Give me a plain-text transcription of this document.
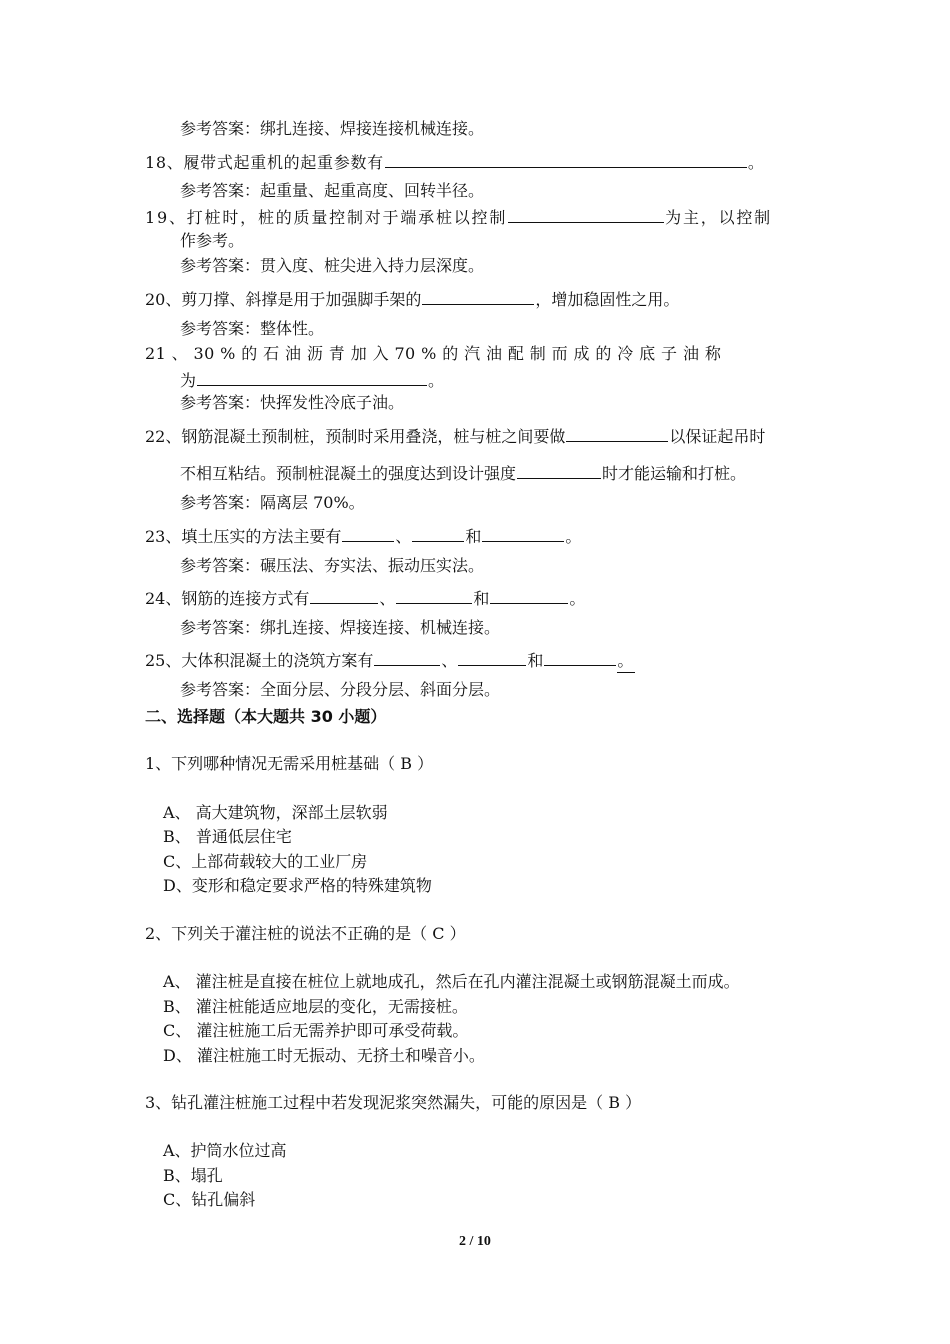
参考答案：绑扎连接、焊接连接机械连接。
18、履带式起重机的起重参数有	。
参考答案：起重量、起重高度、回转半径。
19、打桩时，桩的质量控制对于端承桩以控制	为主，以控制
作参考。
参考答案：贯入度、桩尖进入持力层深度。
20、剪刀撑、斜撑是用于加强脚手架的	，增加稳固性之用。
参考答案：整体性。
21 、 30 % 的 石 油 沥 青 加 入 70 % 的 汽 油 配 制 而 成 的 冷 底 子 油 称
为	。
参考答案：快挥发性冷底子油。
22、钢筋混凝土预制桩，预制时采用叠浇，桩与桩之间要做	以保证起吊时
不相互粘结。预制桩混凝土的强度达到设计强度	时才能运输和打桩。
参考答案：隔离层 70%。
23、填土压实的方法主要有	、	和	。
参考答案：碾压法、夯实法、振动压实法。
24、钢筋的连接方式有	、	和	。
参考答案：绑扎连接、焊接连接、机械连接。
25、大体积混凝土的浇筑方案有	、	和	。
参考答案：全面分层、分段分层、斜面分层。
二、选择题（本大题共 30 小题）
1、下列哪种情况无需采用桩基础（ B ）
A、 高大建筑物，深部土层软弱
B、 普通低层住宅
C、上部荷载较大的工业厂房
D、变形和稳定要求严格的特殊建筑物
2、下列关于灌注桩的说法不正确的是（ C ）
A、 灌注桩是直接在桩位上就地成孔，然后在孔内灌注混凝土或钢筋混凝土而成。
B、 灌注桩能适应地层的变化，无需接桩。
C、 灌注桩施工后无需养护即可承受荷载。
D、 灌注桩施工时无振动、无挤土和噪音小。
3、钻孔灌注桩施工过程中若发现泥浆突然漏失，可能的原因是（ B ）
A、护筒水位过高
B、塌孔
C、钻孔偏斜
2 / 10
